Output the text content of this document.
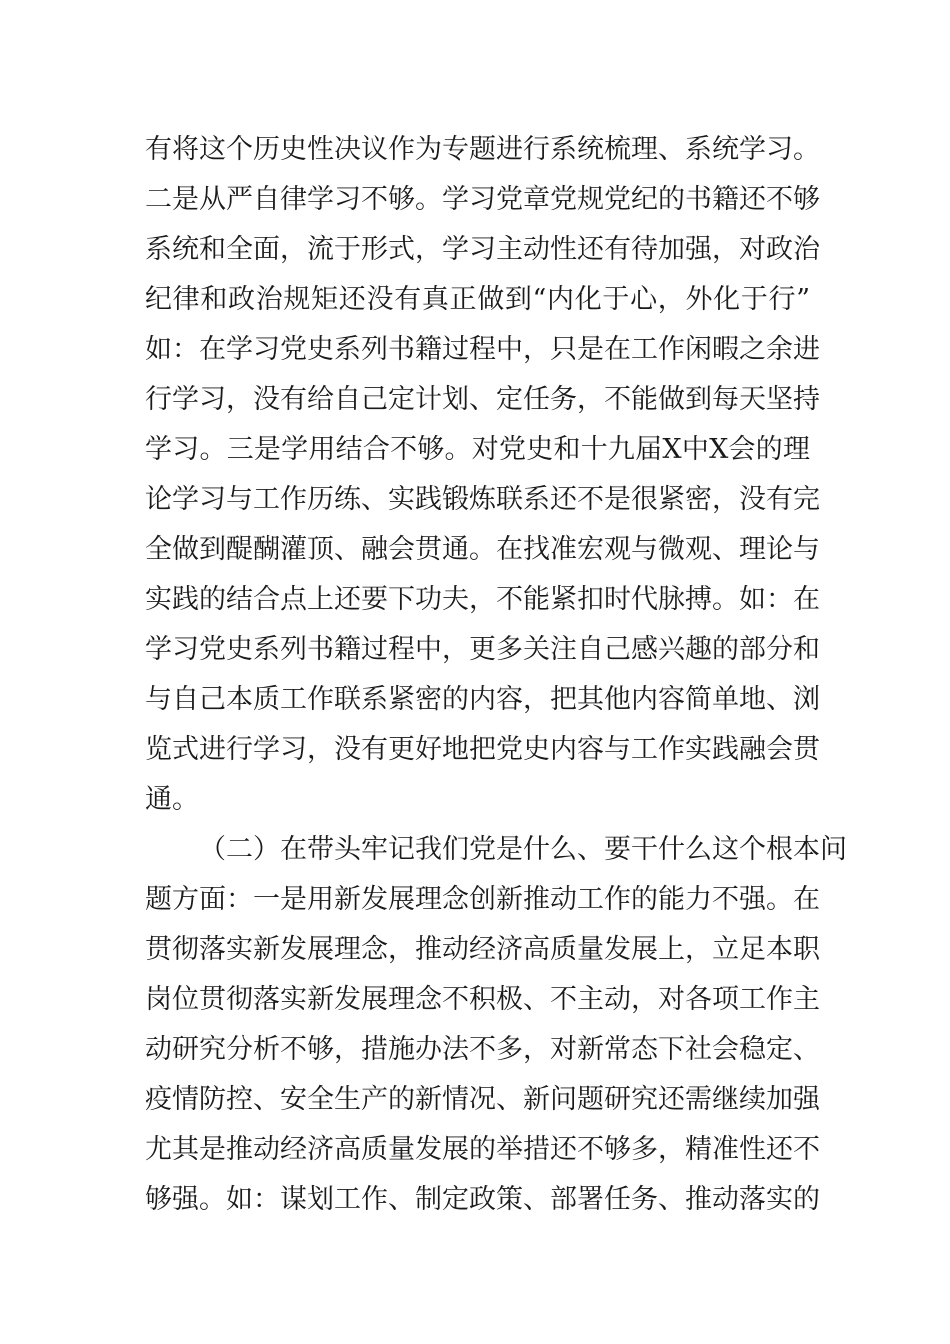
有将这个历史性决议作为专题进行系统梳理、系统学习。
二是从严自律学习不够。学习党章党规党纪的书籍还不够
系统和全面，流于形式，学习主动性还有待加强，对政治
纪律和政治规矩还没有真正做到“内化于心，外化于行”
如：在学习党史系列书籍过程中，只是在工作闲暇之余进
行学习，没有给自己定计划、定任务，不能做到每天坚持
学习。三是学用结合不够。对党史和十九届X中X会的理
论学习与工作历练、实践锻炼联系还不是很紧密，没有完
全做到醍醐灌顶、融会贯通。在找准宏观与微观、理论与
实践的结合点上还要下功夫，不能紧扣时代脉搏。如：在
学习党史系列书籍过程中，更多关注自己感兴趣的部分和
与自己本质工作联系紧密的内容，把其他内容简单地、浏
览式进行学习，没有更好地把党史内容与工作实践融会贯
通。
（二）在带头牢记我们党是什么、要干什么这个根本问
题方面：一是用新发展理念创新推动工作的能力不强。在
贯彻落实新发展理念，推动经济高质量发展上，立足本职
岗位贯彻落实新发展理念不积极、不主动，对各项工作主
动研究分析不够，措施办法不多，对新常态下社会稳定、
疫情防控、安全生产的新情况、新问题研究还需继续加强
尤其是推动经济高质量发展的举措还不够多，精准性还不
够强。如：谋划工作、制定政策、部署任务、推动落实的
